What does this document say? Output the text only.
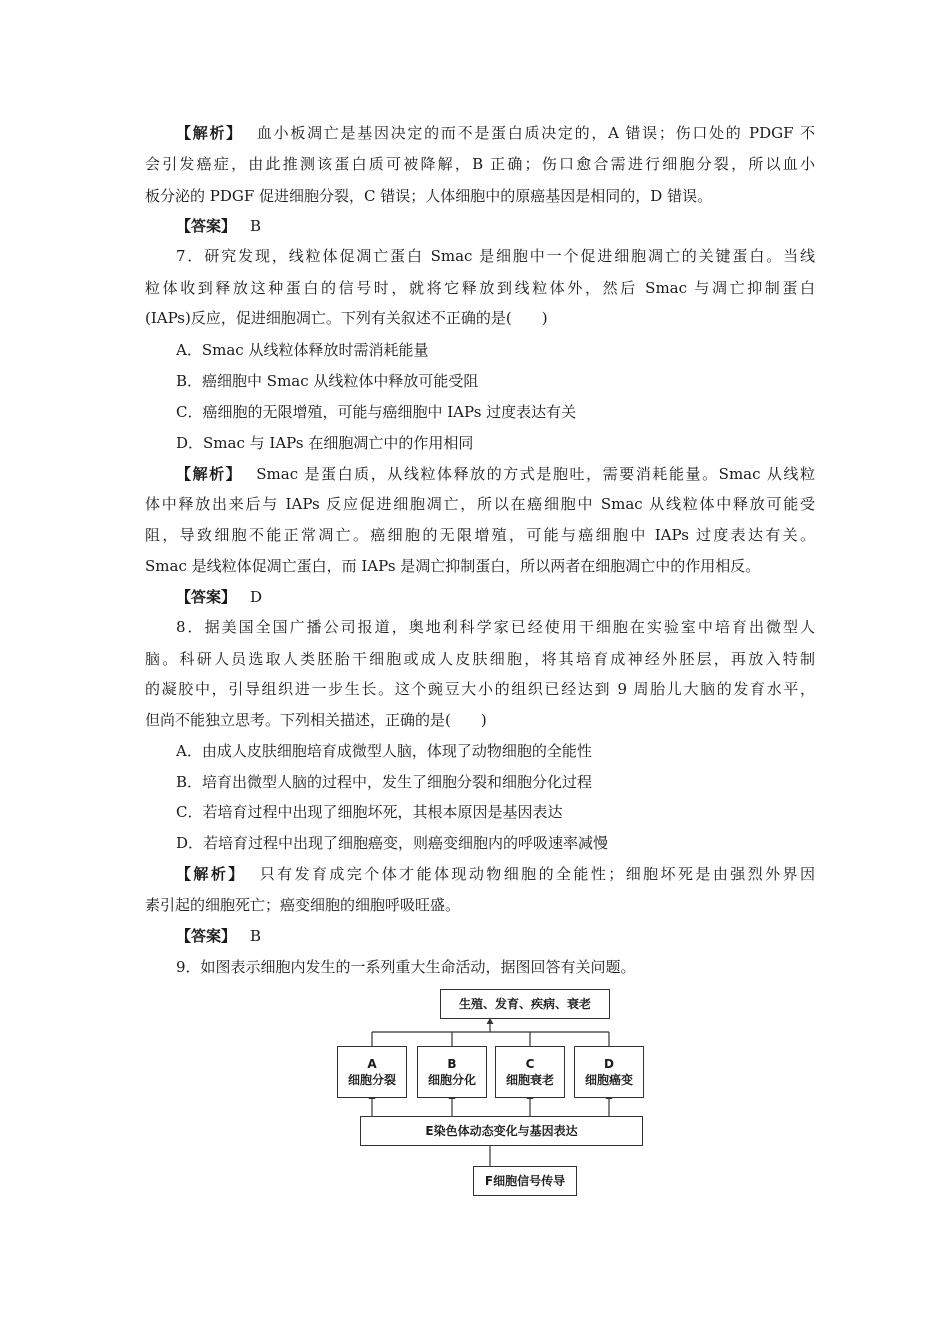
【解析】 血小板凋亡是基因决定的而不是蛋白质决定的，A 错误；伤口处的 PDGF 不
会引发癌症，由此推测该蛋白质可被降解，B 正确；伤口愈合需进行细胞分裂，所以血小
板分泌的 PDGF 促进细胞分裂，C 错误；人体细胞中的原癌基因是相同的，D 错误。
【答案】 B
7．研究发现，线粒体促凋亡蛋白 Smac 是细胞中一个促进细胞凋亡的关键蛋白。当线
粒体收到释放这种蛋白的信号时，就将它释放到线粒体外，然后 Smac 与凋亡抑制蛋白
(IAPs)反应，促进细胞凋亡。下列有关叙述不正确的是(　　)
A．Smac 从线粒体释放时需消耗能量
B．癌细胞中 Smac 从线粒体中释放可能受阻
C．癌细胞的无限增殖，可能与癌细胞中 IAPs 过度表达有关
D．Smac 与 IAPs 在细胞凋亡中的作用相同
【解析】 Smac 是蛋白质，从线粒体释放的方式是胞吐，需要消耗能量。Smac 从线粒
体中释放出来后与 IAPs 反应促进细胞凋亡，所以在癌细胞中 Smac 从线粒体中释放可能受
阻，导致细胞不能正常凋亡。癌细胞的无限增殖，可能与癌细胞中 IAPs 过度表达有关。
Smac 是线粒体促凋亡蛋白，而 IAPs 是凋亡抑制蛋白，所以两者在细胞凋亡中的作用相反。
【答案】 D
8．据美国全国广播公司报道，奥地利科学家已经使用干细胞在实验室中培育出微型人
脑。科研人员选取人类胚胎干细胞或成人皮肤细胞，将其培育成神经外胚层，再放入特制
的凝胶中，引导组织进一步生长。这个豌豆大小的组织已经达到 9 周胎儿大脑的发育水平，
但尚不能独立思考。下列相关描述，正确的是(　　)
A．由成人皮肤细胞培育成微型人脑，体现了动物细胞的全能性
B．培育出微型人脑的过程中，发生了细胞分裂和细胞分化过程
C．若培育过程中出现了细胞坏死，其根本原因是基因表达
D．若培育过程中出现了细胞癌变，则癌变细胞内的呼吸速率减慢
【解析】 只有发育成完个体才能体现动物细胞的全能性；细胞坏死是由强烈外界因
素引起的细胞死亡；癌变细胞的细胞呼吸旺盛。
【答案】 B
9．如图表示细胞内发生的一系列重大生命活动，据图回答有关问题。
生殖、发育、疾病、衰老
A
细胞分裂
B
细胞分化
C
细胞衰老
D
细胞癌变
E染色体动态变化与基因表达
F细胞信号传导
